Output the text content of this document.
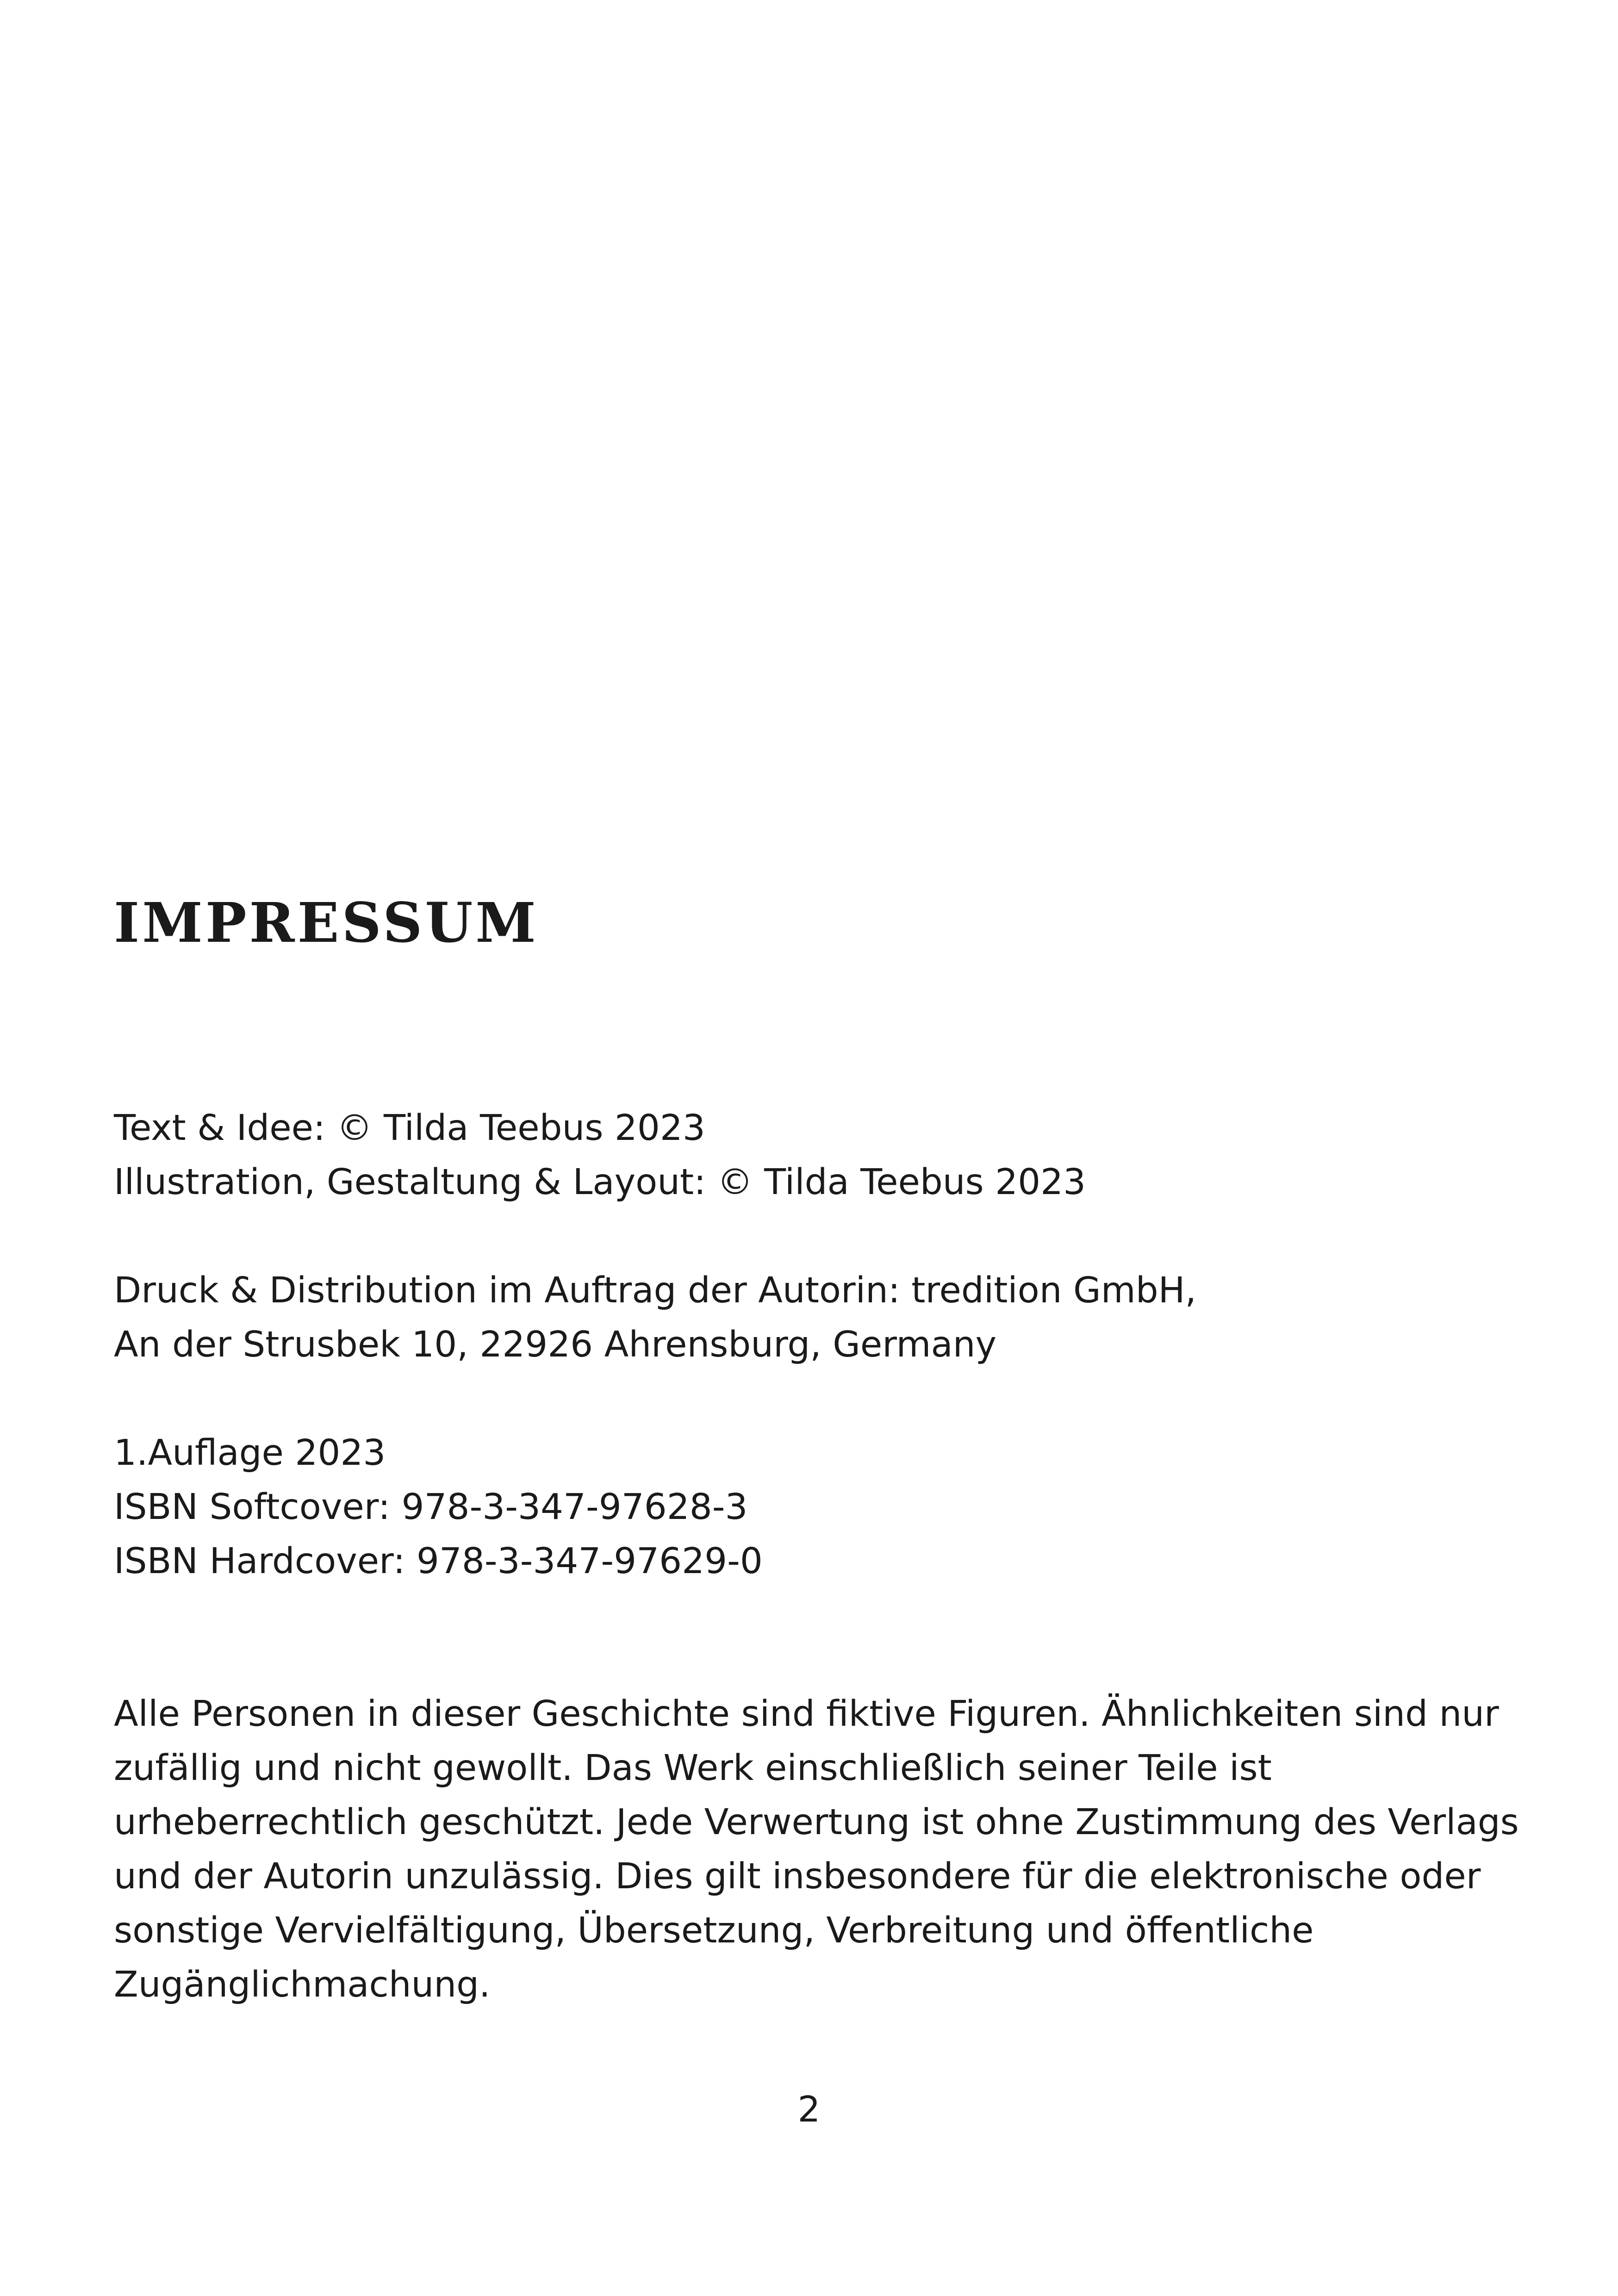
IMPRESSUM
Text & Idee: © Tilda Teebus 2023
Illustration, Gestaltung & Layout: © Tilda Teebus 2023
Druck & Distribution im Auftrag der Autorin: tredition GmbH,
An der Strusbek 10, 22926 Ahrensburg, Germany
1.Auflage 2023
ISBN Softcover: 978-3-347-97628-3
ISBN Hardcover: 978-3-347-97629-0
Alle Personen in dieser Geschichte sind fiktive Figuren. Ähnlichkeiten sind nur
zufällig und nicht gewollt. Das Werk einschließlich seiner Teile ist
urheberrechtlich geschützt. Jede Verwertung ist ohne Zustimmung des Verlags
und der Autorin unzulässig. Dies gilt insbesondere für die elektronische oder
sonstige Vervielfältigung, Übersetzung, Verbreitung und öffentliche
Zugänglichmachung.
2
